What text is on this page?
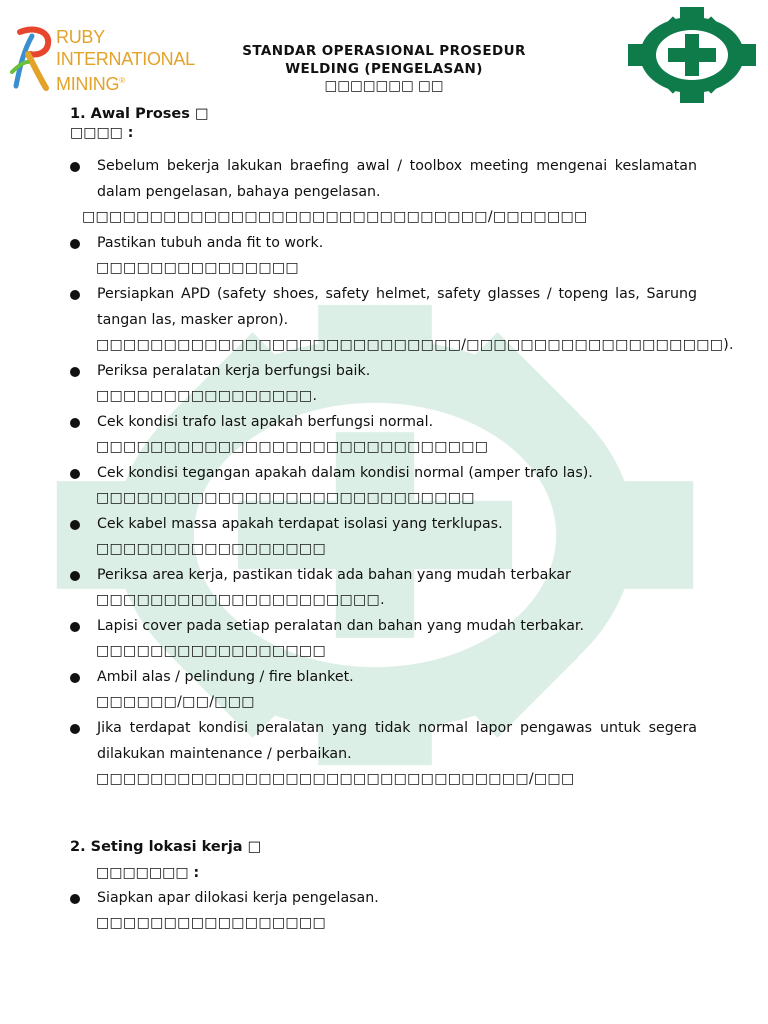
RUBY
INTERNATIONAL
MINING®
STANDAR OPERASIONAL PROSEDUR
WELDING (PENGELASAN)
□□□□□□□ □□
1. Awal Proses □
□□□□ :
Sebelum bekerja lakukan braefing awal / toolbox meeting mengenai keslamatan dalam pengelasan, bahaya pengelasan.
□□□□□□□□□□□□□□□□□□□□□□□□□□□□□□/□□□□□□□
Pastikan tubuh anda fit to work.
□□□□□□□□□□□□□□□
Persiapkan APD (safety shoes, safety helmet, safety glasses / topeng las, Sarung tangan las, masker apron).
□□□□□□□□□□□□□□□□□□□□□□□□□□□/□□□□□□□□□□□□□□□□□□□).
Periksa peralatan kerja berfungsi baik.
□□□□□□□□□□□□□□□□.
Cek kondisi trafo last apakah berfungsi normal.
□□□□□□□□□□□□□□□□□□□□□□□□□□□□□
Cek kondisi tegangan apakah dalam kondisi normal (amper trafo las).
□□□□□□□□□□□□□□□□□□□□□□□□□□□□
Cek kabel massa apakah terdapat isolasi yang terklupas.
□□□□□□□□□□□□□□□□□
Periksa area kerja, pastikan tidak ada bahan yang mudah terbakar
□□□□□□□□□□□□□□□□□□□□□.
Lapisi cover pada setiap peralatan dan bahan yang mudah terbakar.
□□□□□□□□□□□□□□□□□
Ambil alas / pelindung / fire blanket.
□□□□□□/□□/□□□
Jika terdapat kondisi peralatan yang tidak normal lapor pengawas untuk segera dilakukan maintenance / perbaikan.
□□□□□□□□□□□□□□□□□□□□□□□□□□□□□□□□/□□□
2. Seting lokasi kerja □
□□□□□□□ :
Siapkan apar dilokasi kerja pengelasan.
□□□□□□□□□□□□□□□□□
